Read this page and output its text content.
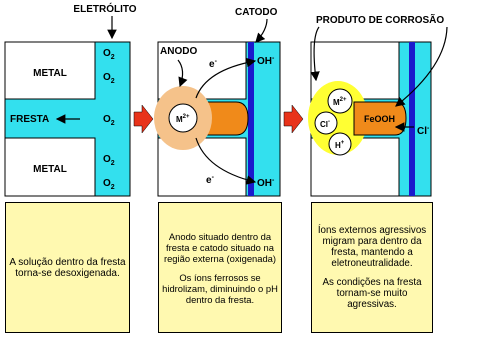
METAL
METAL
FRESTA
$O_2$
$O_2$
$O_2$
$O_2$
$O_2$
ELETRÓLITO
$M^{2+}$
ANODO
CATODO
e-
e-
OH-
OH-
FeOOH
$M^{2+}$
Cl-
H+
Cl-
PRODUTO DE CORROSÃO

A solução dentro da fresta torna-se desoxigenada.

Anodo situado dentro da fresta e catodo situado na região externa (oxigenada)

Os íons ferrosos se hidrolizam, diminuindo o pH dentro da fresta.

Íons externos agressivos migram para dentro da fresta, mantendo a eletroneutralidade.

As condições na fresta tornam-se muito agressivas.
